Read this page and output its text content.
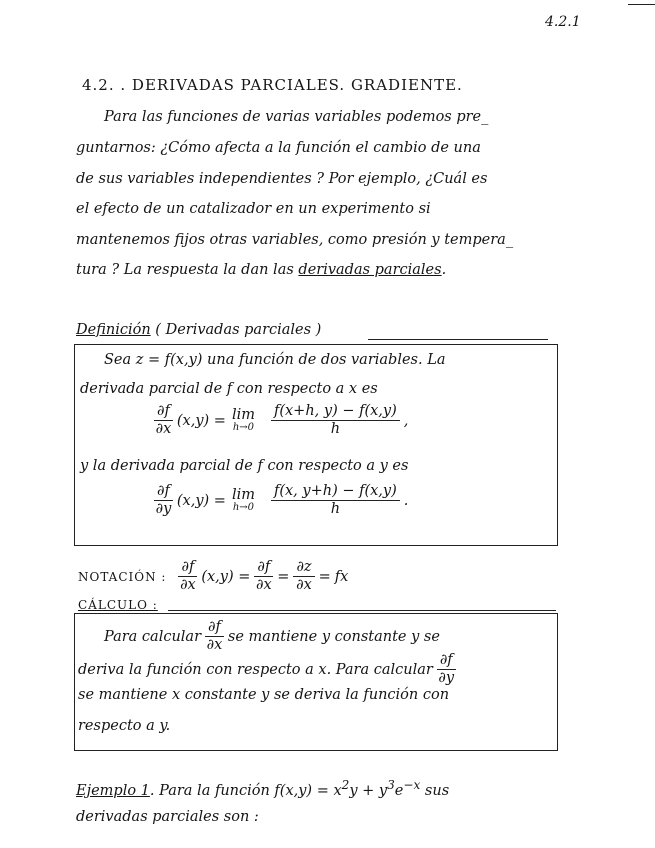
4.2.1
4.2. . DERIVADAS PARCIALES. GRADIENTE.
Para las funciones de varias variables podemos pre_
guntarnos: ¿Cómo afecta a la función el cambio de una
de sus variables independientes ? Por ejemplo, ¿Cuál es
el efecto de un catalizador en un experimento si
mantenemos fijos otras variables, como presión y tempera_
tura ? La respuesta la dan las derivadas parciales.
Definición ( Derivadas parciales )
Sea z = f(x,y) una función de dos variables. La
derivada parcial de f con respecto a x es
$\frac{\partial f}{\partial x} (x,y) = \lim$
$h\to 0 \frac{f(x+h, y) - f(x,y)}{h}$ ,
y la derivada parcial de f con respecto a y es
$\frac{\partial f}{\partial y} (x,y) = \lim$
$h\to 0 \frac{f(x, y+h) - f(x,y)}{h}$ .
NOTACIÓN : $\frac{\partial f}{\partial x} (x,y) = \frac{\partial f}{\partial x} = \frac{\partial z}{\partial x}$ = fx
CÁLCULO :
Para calcular $\frac{\partial f}{\partial x}$ se mantiene y constante y se
deriva la función con respecto a x. Para calcular $\frac{\partial f}{\partial y}$
se mantiene x constante y se deriva la función con
respecto a y.
Ejemplo 1. Para la función $f(x,y) = x^2y + y^3e^{-x}$ sus
derivadas parciales son :
